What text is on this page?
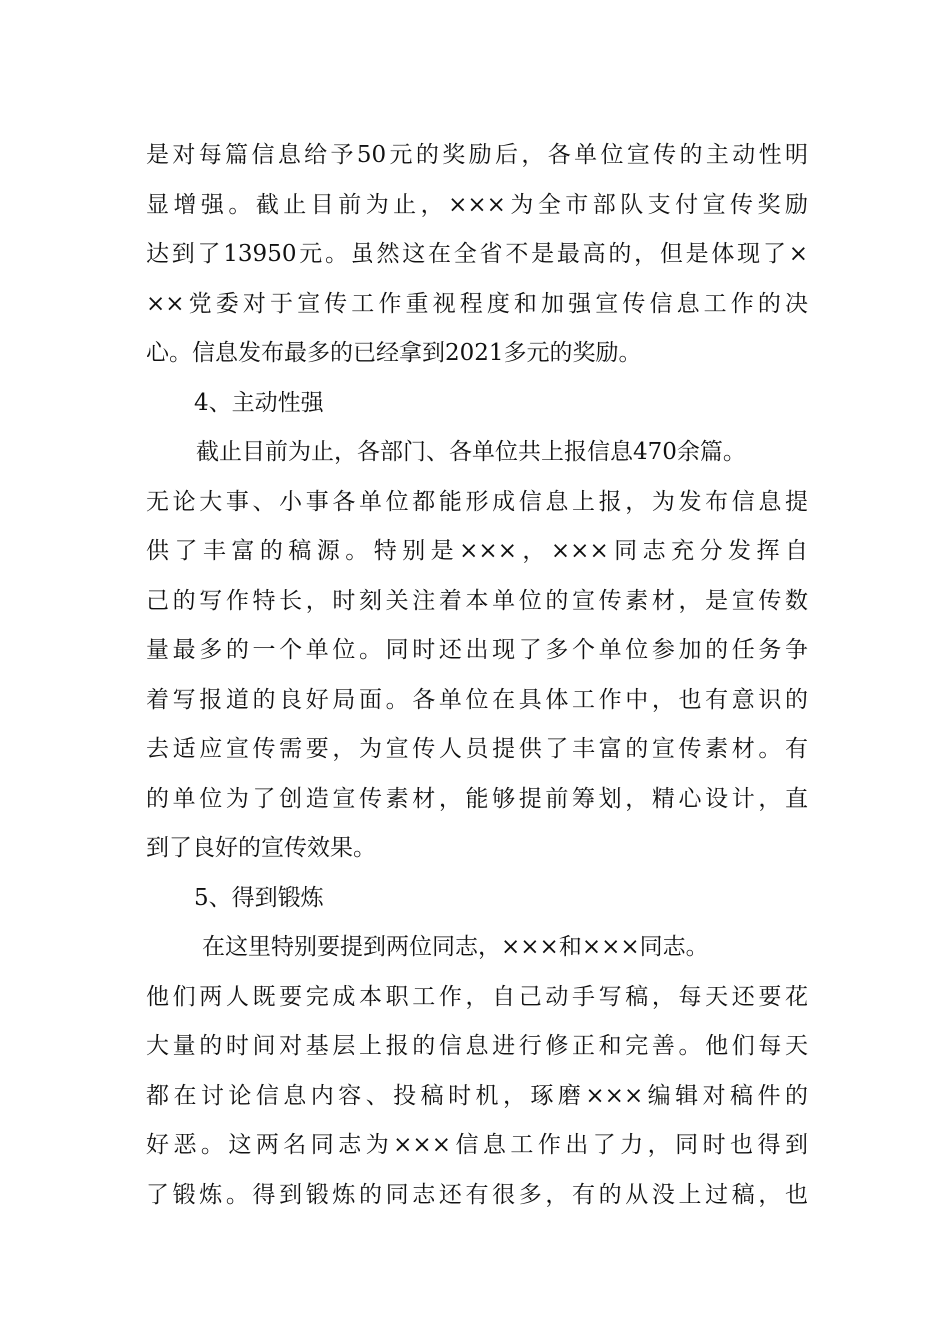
是对每篇信息给予50元的奖励后，各单位宣传的主动性明
显增强。截止目前为止，×××为全市部队支付宣传奖励
达到了13950元。虽然这在全省不是最高的，但是体现了×
××党委对于宣传工作重视程度和加强宣传信息工作的决
心。信息发布最多的已经拿到2021多元的奖励。
4、主动性强
截止目前为止，各部门、各单位共上报信息470余篇。
无论大事、小事各单位都能形成信息上报，为发布信息提
供了丰富的稿源。特别是×××，×××同志充分发挥自
己的写作特长，时刻关注着本单位的宣传素材，是宣传数
量最多的一个单位。同时还出现了多个单位参加的任务争
着写报道的良好局面。各单位在具体工作中，也有意识的
去适应宣传需要，为宣传人员提供了丰富的宣传素材。有
的单位为了创造宣传素材，能够提前筹划，精心设计，直
到了良好的宣传效果。
5、得到锻炼
在这里特别要提到两位同志，×××和×××同志。
他们两人既要完成本职工作，自己动手写稿，每天还要花
大量的时间对基层上报的信息进行修正和完善。他们每天
都在讨论信息内容、投稿时机，琢磨×××编辑对稿件的
好恶。这两名同志为×××信息工作出了力，同时也得到
了锻炼。得到锻炼的同志还有很多，有的从没上过稿，也
